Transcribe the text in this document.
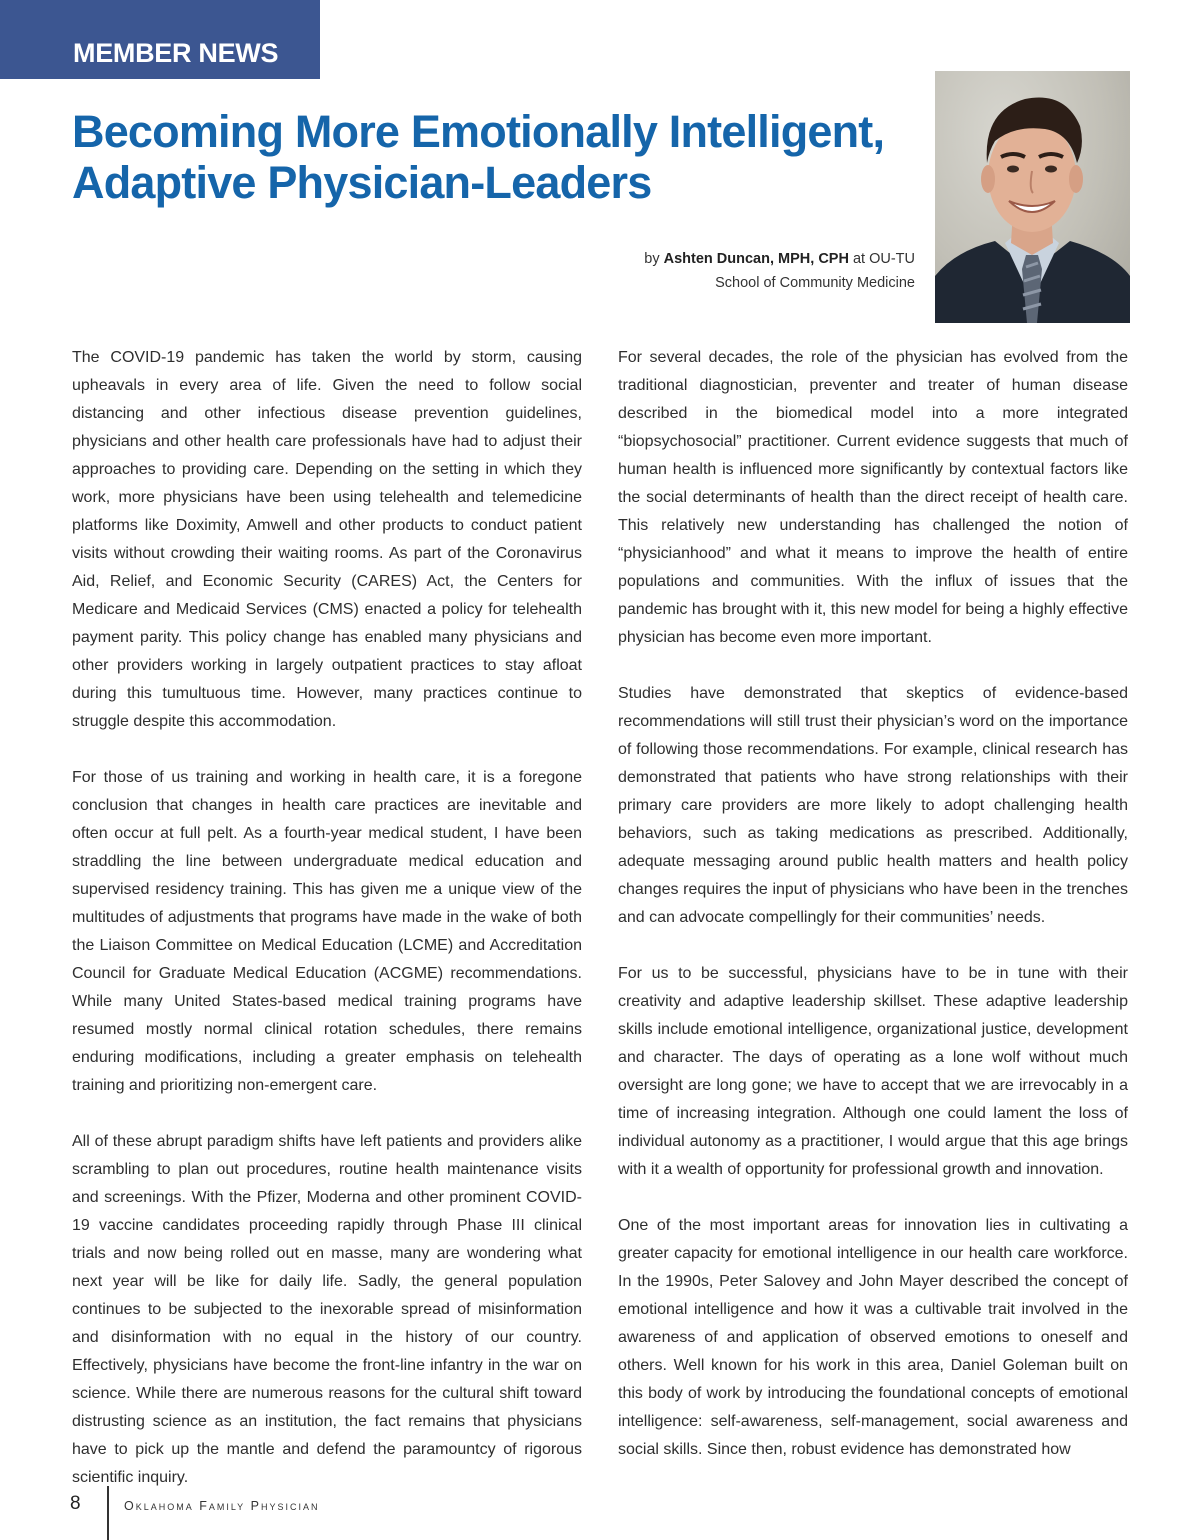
MEMBER NEWS
Becoming More Emotionally Intelligent,
Adaptive Physician-Leaders
by Ashten Duncan, MPH, CPH at OU-TU
School of Community Medicine

The COVID-19 pandemic has taken the world by storm, causing upheavals in every area of life. Given the need to follow social distancing and other infectious disease prevention guidelines, physicians and other health care professionals have had to adjust their approaches to providing care. Depending on the setting in which they work, more physicians have been using telehealth and telemedicine platforms like Doximity, Amwell and other products to conduct patient visits without crowding their waiting rooms. As part of the Coronavirus Aid, Relief, and Economic Security (CARES) Act, the Centers for Medicare and Medicaid Services (CMS) enacted a policy for telehealth payment parity. This policy change has enabled many physicians and other providers working in largely outpatient practices to stay afloat during this tumultuous time. However, many practices continue to struggle despite this accommodation.

For those of us training and working in health care, it is a foregone conclusion that changes in health care practices are inevitable and often occur at full pelt. As a fourth-year medical student, I have been straddling the line between undergraduate medical education and supervised residency training. This has given me a unique view of the multitudes of adjustments that programs have made in the wake of both the Liaison Committee on Medical Education (LCME) and Accreditation Council for Graduate Medical Education (ACGME) recommendations. While many United States-based medical training programs have resumed mostly normal clinical rotation schedules, there remains enduring modifications, including a greater emphasis on telehealth training and prioritizing non-emergent care.

All of these abrupt paradigm shifts have left patients and providers alike scrambling to plan out procedures, routine health maintenance visits and screenings. With the Pfizer, Moderna and other prominent COVID-19 vaccine candidates proceeding rapidly through Phase III clinical trials and now being rolled out en masse, many are wondering what next year will be like for daily life. Sadly, the general population continues to be subjected to the inexorable spread of misinformation and disinformation with no equal in the history of our country. Effectively, physicians have become the front-line infantry in the war on science. While there are numerous reasons for the cultural shift toward distrusting science as an institution, the fact remains that physicians have to pick up the mantle and defend the paramountcy of rigorous scientific inquiry.

For several decades, the role of the physician has evolved from the traditional diagnostician, preventer and treater of human disease described in the biomedical model into a more integrated “biopsychosocial” practitioner. Current evidence suggests that much of human health is influenced more significantly by contextual factors like the social determinants of health than the direct receipt of health care. This relatively new understanding has challenged the notion of “physicianhood” and what it means to improve the health of entire populations and communities. With the influx of issues that the pandemic has brought with it, this new model for being a highly effective physician has become even more important.

Studies have demonstrated that skeptics of evidence-based recommendations will still trust their physician’s word on the importance of following those recommendations. For example, clinical research has demonstrated that patients who have strong relationships with their primary care providers are more likely to adopt challenging health behaviors, such as taking medications as prescribed. Additionally, adequate messaging around public health matters and health policy changes requires the input of physicians who have been in the trenches and can advocate compellingly for their communities’ needs.

For us to be successful, physicians have to be in tune with their creativity and adaptive leadership skillset. These adaptive leadership skills include emotional intelligence, organizational justice, development and character. The days of operating as a lone wolf without much oversight are long gone; we have to accept that we are irrevocably in a time of increasing integration. Although one could lament the loss of individual autonomy as a practitioner, I would argue that this age brings with it a wealth of opportunity for professional growth and innovation.

One of the most important areas for innovation lies in cultivating a greater capacity for emotional intelligence in our health care workforce. In the 1990s, Peter Salovey and John Mayer described the concept of emotional intelligence and how it was a cultivable trait involved in the awareness of and application of observed emotions to oneself and others. Well known for his work in this area, Daniel Goleman built on this body of work by introducing the foundational concepts of emotional intelligence: self-awareness, self-management, social awareness and social skills. Since then, robust evidence has demonstrated how

8	Oklahoma Family Physician
